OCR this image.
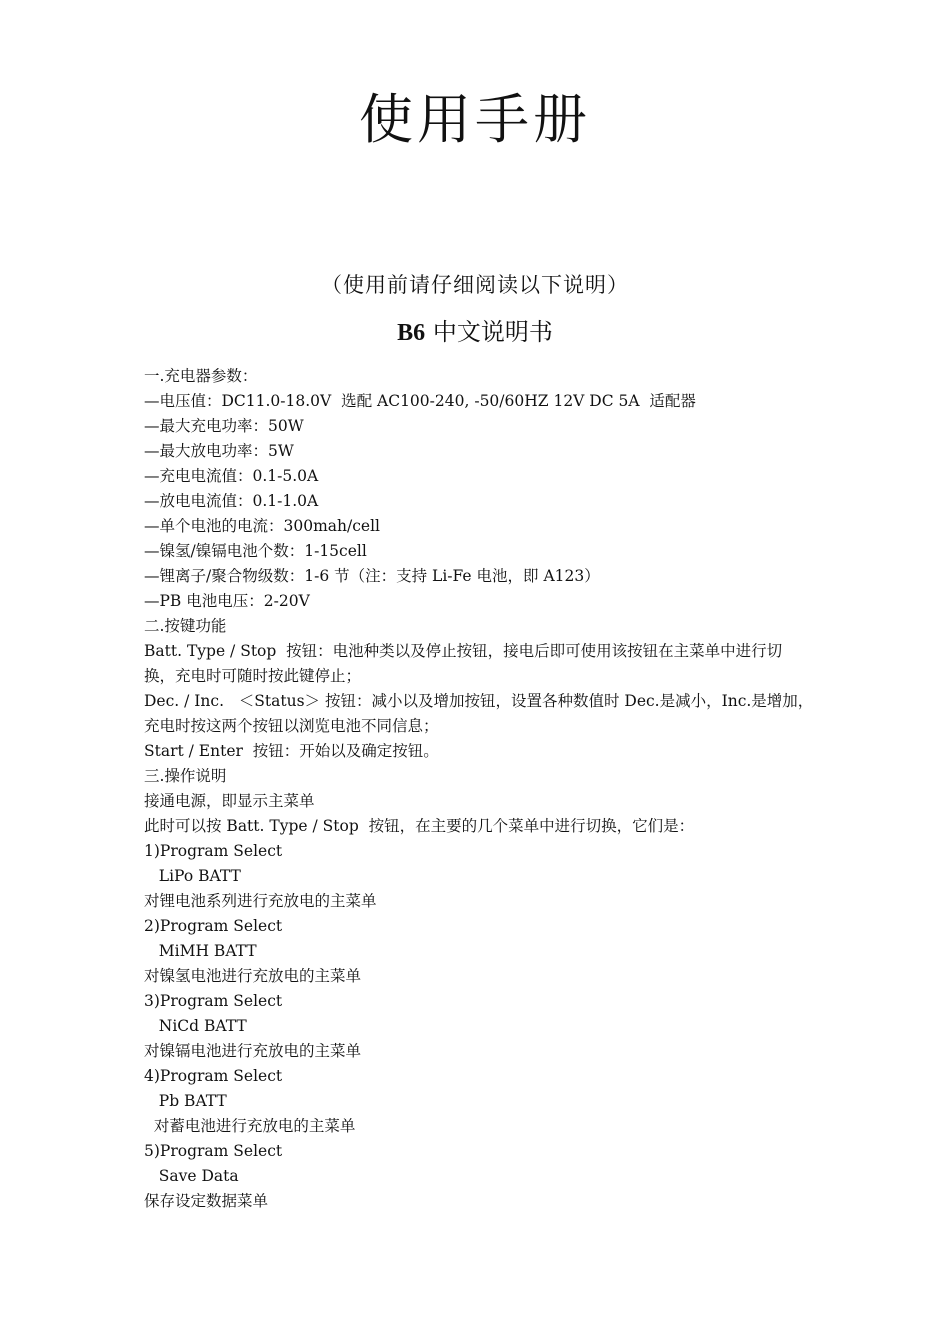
使用手册

（使用前请仔细阅读以下说明）

B6 中文说明书

一.充电器参数：

—电压值：DC11.0-18.0V  选配 AC100-240, -50/60HZ 12V DC 5A  适配器

—最大充电功率：50W

—最大放电功率：5W

—充电电流值：0.1-5.0A

—放电电流值：0.1-1.0A

—单个电池的电流：300mah/cell

—镍氢/镍镉电池个数：1-15cell

—锂离子/聚合物级数：1-6 节（注：支持 Li-Fe 电池，即 A123）

—PB 电池电压：2-20V

二.按键功能

Batt. Type / Stop  按钮：电池种类以及停止按钮，接电后即可使用该按钮在主菜单中进行切

换，充电时可随时按此键停止；

Dec. / Inc.   ＜Status＞ 按钮：减小以及增加按钮，设置各种数值时 Dec.是减小，Inc.是增加，

充电时按这两个按钮以浏览电池不同信息；

Start / Enter  按钮：开始以及确定按钮。

三.操作说明

接通电源，即显示主菜单

此时可以按 Batt. Type / Stop  按钮，在主要的几个菜单中进行切换，它们是：

1)Program Select

LiPo BATT

对锂电池系列进行充放电的主菜单

2)Program Select

MiMH BATT

对镍氢电池进行充放电的主菜单

3)Program Select

NiCd BATT

对镍镉电池进行充放电的主菜单

4)Program Select

Pb BATT

对蓄电池进行充放电的主菜单

5)Program Select

Save Data

保存设定数据菜单
